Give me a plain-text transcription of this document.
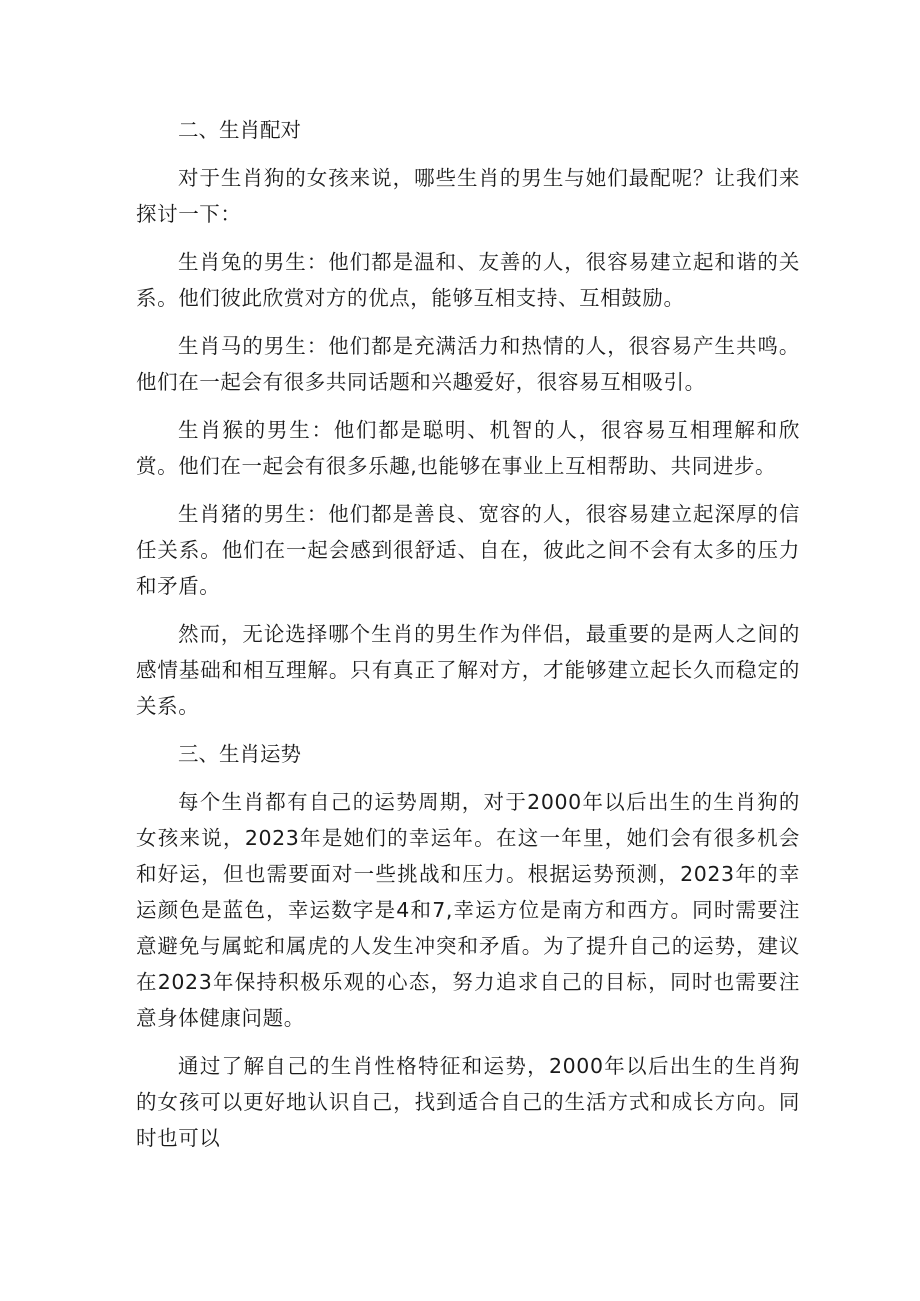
二、生肖配对

对于生肖狗的女孩来说，哪些生肖的男生与她们最配呢？让我们来探讨一下：

生肖兔的男生：他们都是温和、友善的人，很容易建立起和谐的关系。他们彼此欣赏对方的优点，能够互相支持、互相鼓励。

生肖马的男生：他们都是充满活力和热情的人，很容易产生共鸣。他们在一起会有很多共同话题和兴趣爱好，很容易互相吸引。

生肖猴的男生：他们都是聪明、机智的人，很容易互相理解和欣赏。他们在一起会有很多乐趣,也能够在事业上互相帮助、共同进步。

生肖猪的男生：他们都是善良、宽容的人，很容易建立起深厚的信任关系。他们在一起会感到很舒适、自在，彼此之间不会有太多的压力和矛盾。

然而，无论选择哪个生肖的男生作为伴侣，最重要的是两人之间的感情基础和相互理解。只有真正了解对方，才能够建立起长久而稳定的关系。

三、生肖运势

每个生肖都有自己的运势周期，对于2000年以后出生的生肖狗的女孩来说，2023年是她们的幸运年。在这一年里，她们会有很多机会和好运，但也需要面对一些挑战和压力。根据运势预测，2023年的幸运颜色是蓝色，幸运数字是4和7,幸运方位是南方和西方。同时需要注意避免与属蛇和属虎的人发生冲突和矛盾。为了提升自己的运势，建议在2023年保持积极乐观的心态，努力追求自己的目标，同时也需要注意身体健康问题。

通过了解自己的生肖性格特征和运势，2000年以后出生的生肖狗的女孩可以更好地认识自己，找到适合自己的生活方式和成长方向。同时也可以
